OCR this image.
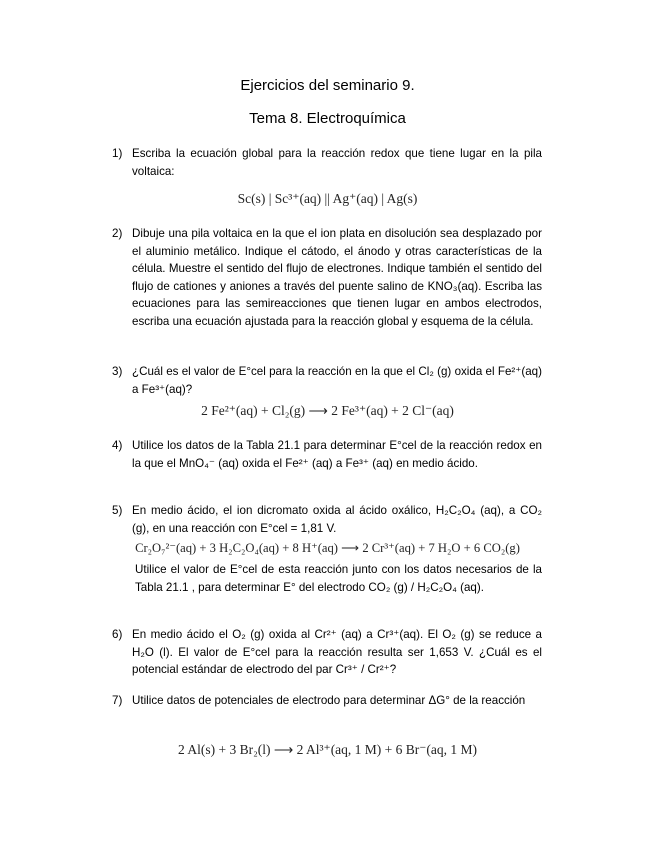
Ejercicios del seminario 9.
Tema 8. Electroquímica
1) Escriba la ecuación global para la reacción redox que tiene lugar en la pila voltaica:
Sc(s) | Sc³⁺(aq) || Ag⁺(aq) | Ag(s)
2) Dibuje una pila voltaica en la que el ion plata en disolución sea desplazado por el aluminio metálico. Indique el cátodo, el ánodo y otras características de la célula. Muestre el sentido del flujo de electrones. Indique también el sentido del flujo de cationes y aniones a través del puente salino de KNO₃(aq). Escriba las ecuaciones para las semireacciones que tienen lugar en ambos electrodos, escriba una ecuación ajustada para la reacción global y esquema de la célula.
3) ¿Cuál es el valor de E°cel para la reacción en la que el Cl₂ (g) oxida el Fe²⁺(aq) a Fe³⁺(aq)?
2 Fe²⁺(aq) + Cl₂(g) ⟶ 2 Fe³⁺(aq) + 2 Cl⁻(aq)
4) Utilice los datos de la Tabla 21.1 para determinar E°cel de la reacción redox en la que el MnO₄⁻ (aq) oxida el Fe²⁺ (aq) a Fe³⁺ (aq) en medio ácido.
5) En medio ácido, el ion dicromato oxida al ácido oxálico, H₂C₂O₄ (aq), a CO₂ (g), en una reacción con E°cel = 1,81 V.
Cr₂O₇²⁻(aq) + 3 H₂C₂O₄(aq) + 8 H⁺(aq) ⟶ 2 Cr³⁺(aq) + 7 H₂O + 6 CO₂(g)
Utilice el valor de E°cel de esta reacción junto con los datos necesarios de la Tabla 21.1 , para determinar E° del electrodo CO₂ (g) / H₂C₂O₄ (aq).
6) En medio ácido el O₂ (g) oxida al Cr²⁺ (aq) a Cr³⁺(aq). El O₂ (g) se reduce a H₂O (l). El valor de E°cel para la reacción resulta ser 1,653 V. ¿Cuál es el potencial estándar de electrodo del par Cr³⁺ / Cr²⁺?
7) Utilice datos de potenciales de electrodo para determinar ΔG° de la reacción
2 Al(s) + 3 Br₂(l) ⟶ 2 Al³⁺(aq, 1 M) + 6 Br⁻(aq, 1 M)
